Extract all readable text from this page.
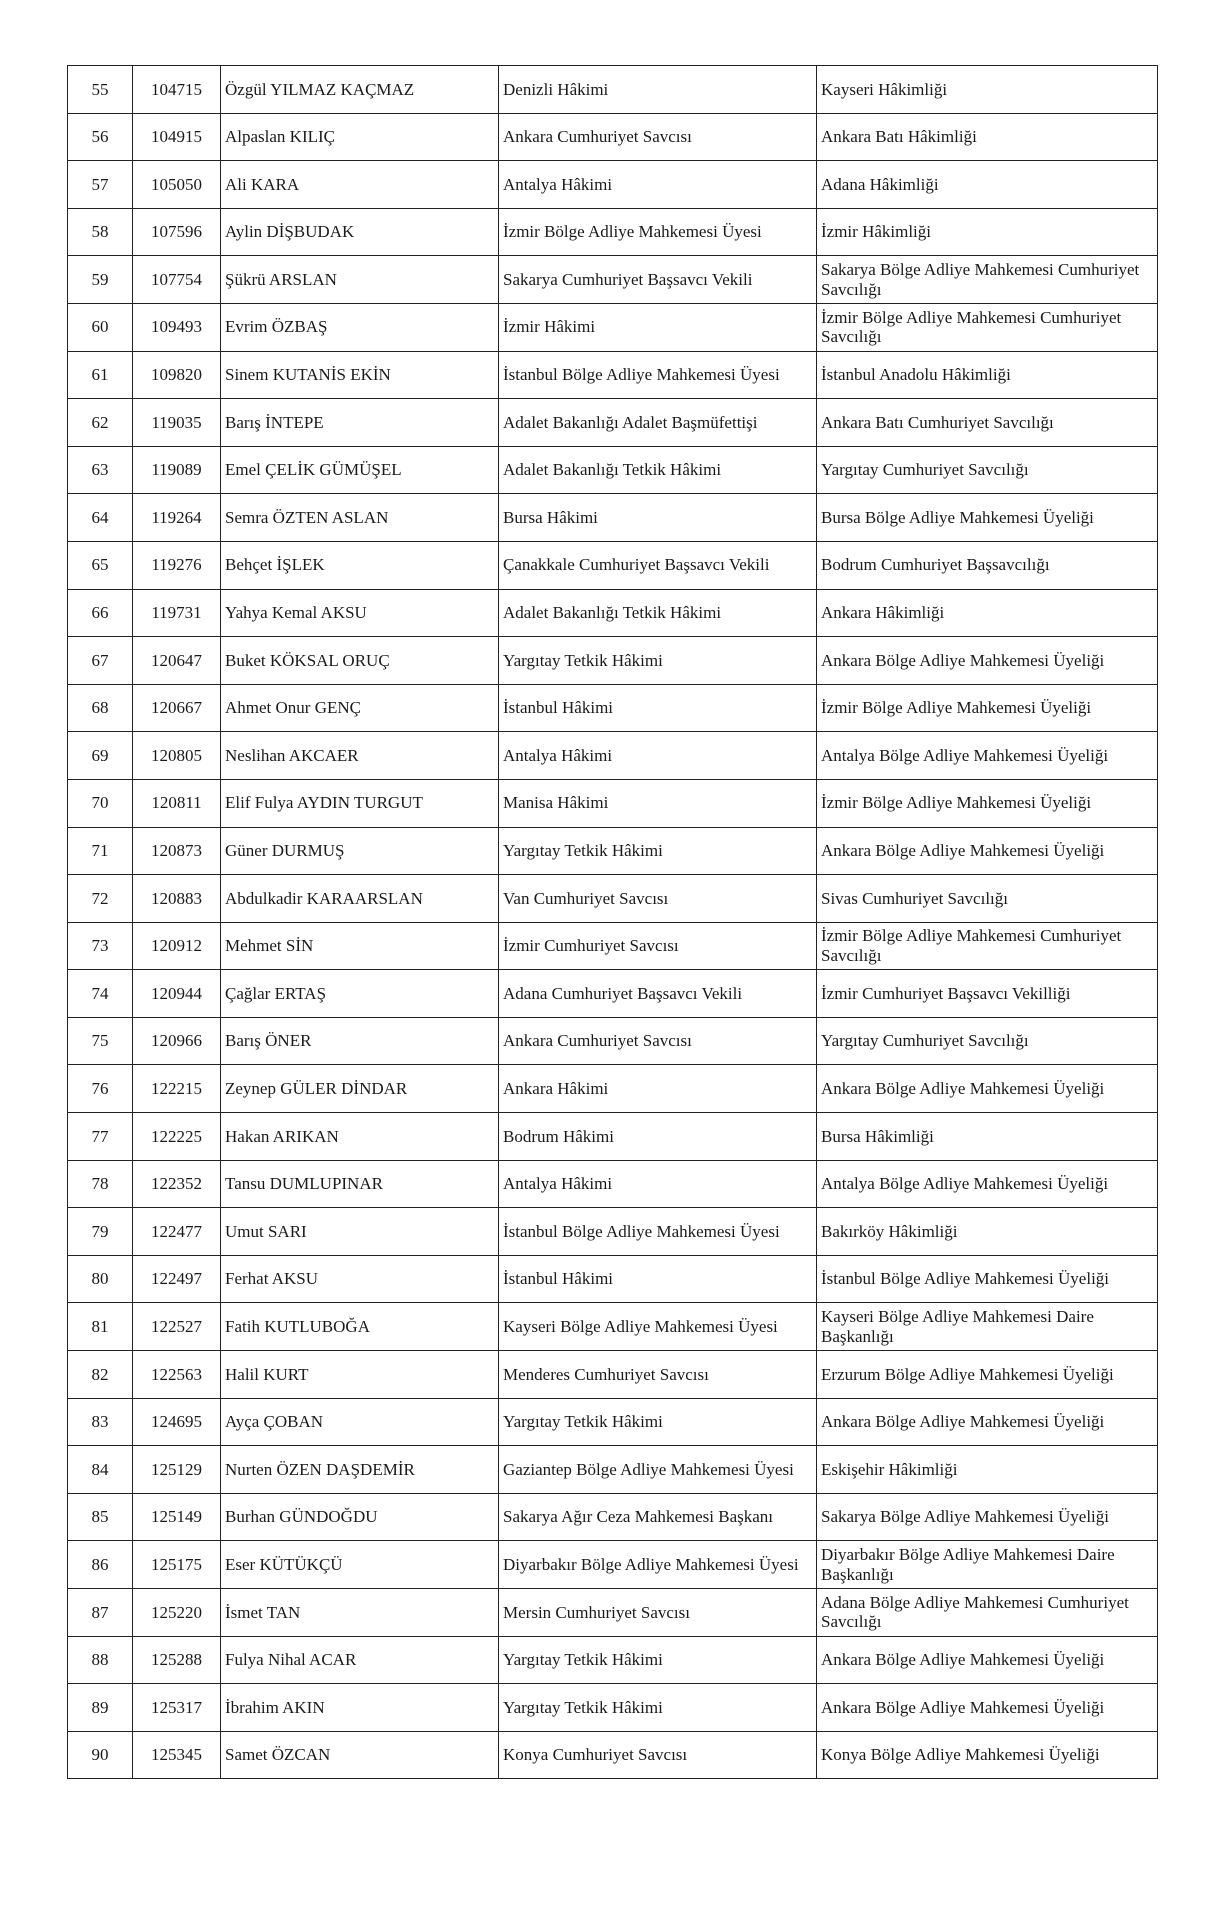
55	104715	Özgül YILMAZ KAÇMAZ	Denizli Hâkimi	Kayseri Hâkimliği
56	104915	Alpaslan KILIÇ	Ankara Cumhuriyet Savcısı	Ankara Batı Hâkimliği
57	105050	Ali KARA	Antalya Hâkimi	Adana Hâkimliği
58	107596	Aylin DİŞBUDAK	İzmir Bölge Adliye Mahkemesi Üyesi	İzmir Hâkimliği
59	107754	Şükrü ARSLAN	Sakarya Cumhuriyet Başsavcı Vekili	Sakarya Bölge Adliye Mahkemesi Cumhuriyet Savcılığı
60	109493	Evrim ÖZBAŞ	İzmir Hâkimi	İzmir Bölge Adliye Mahkemesi Cumhuriyet Savcılığı
61	109820	Sinem KUTANİS EKİN	İstanbul Bölge Adliye Mahkemesi Üyesi	İstanbul Anadolu Hâkimliği
62	119035	Barış İNTEPE	Adalet Bakanlığı Adalet Başmüfettişi	Ankara Batı Cumhuriyet Savcılığı
63	119089	Emel ÇELİK GÜMÜŞEL	Adalet Bakanlığı Tetkik Hâkimi	Yargıtay Cumhuriyet Savcılığı
64	119264	Semra ÖZTEN ASLAN	Bursa Hâkimi	Bursa Bölge Adliye Mahkemesi Üyeliği
65	119276	Behçet İŞLEK	Çanakkale Cumhuriyet Başsavcı Vekili	Bodrum Cumhuriyet Başsavcılığı
66	119731	Yahya Kemal AKSU	Adalet Bakanlığı Tetkik Hâkimi	Ankara Hâkimliği
67	120647	Buket KÖKSAL ORUÇ	Yargıtay Tetkik Hâkimi	Ankara Bölge Adliye Mahkemesi Üyeliği
68	120667	Ahmet Onur GENÇ	İstanbul Hâkimi	İzmir Bölge Adliye Mahkemesi Üyeliği
69	120805	Neslihan AKCAER	Antalya Hâkimi	Antalya Bölge Adliye Mahkemesi Üyeliği
70	120811	Elif Fulya AYDIN TURGUT	Manisa Hâkimi	İzmir Bölge Adliye Mahkemesi Üyeliği
71	120873	Güner DURMUŞ	Yargıtay Tetkik Hâkimi	Ankara Bölge Adliye Mahkemesi Üyeliği
72	120883	Abdulkadir KARAARSLAN	Van Cumhuriyet Savcısı	Sivas Cumhuriyet Savcılığı
73	120912	Mehmet SİN	İzmir Cumhuriyet Savcısı	İzmir Bölge Adliye Mahkemesi Cumhuriyet Savcılığı
74	120944	Çağlar ERTAŞ	Adana Cumhuriyet Başsavcı Vekili	İzmir Cumhuriyet Başsavcı Vekilliği
75	120966	Barış ÖNER	Ankara Cumhuriyet Savcısı	Yargıtay Cumhuriyet Savcılığı
76	122215	Zeynep GÜLER DİNDAR	Ankara Hâkimi	Ankara Bölge Adliye Mahkemesi Üyeliği
77	122225	Hakan ARIKAN	Bodrum Hâkimi	Bursa Hâkimliği
78	122352	Tansu DUMLUPINAR	Antalya Hâkimi	Antalya Bölge Adliye Mahkemesi Üyeliği
79	122477	Umut SARI	İstanbul Bölge Adliye Mahkemesi Üyesi	Bakırköy Hâkimliği
80	122497	Ferhat AKSU	İstanbul Hâkimi	İstanbul Bölge Adliye Mahkemesi Üyeliği
81	122527	Fatih KUTLUBOĞA	Kayseri Bölge Adliye Mahkemesi Üyesi	Kayseri Bölge Adliye Mahkemesi Daire Başkanlığı
82	122563	Halil KURT	Menderes Cumhuriyet Savcısı	Erzurum Bölge Adliye Mahkemesi Üyeliği
83	124695	Ayça ÇOBAN	Yargıtay Tetkik Hâkimi	Ankara Bölge Adliye Mahkemesi Üyeliği
84	125129	Nurten ÖZEN DAŞDEMİR	Gaziantep Bölge Adliye Mahkemesi Üyesi	Eskişehir Hâkimliği
85	125149	Burhan GÜNDOĞDU	Sakarya Ağır Ceza Mahkemesi Başkanı	Sakarya Bölge Adliye Mahkemesi Üyeliği
86	125175	Eser KÜTÜKÇÜ	Diyarbakır Bölge Adliye Mahkemesi Üyesi	Diyarbakır Bölge Adliye Mahkemesi Daire Başkanlığı
87	125220	İsmet TAN	Mersin Cumhuriyet Savcısı	Adana Bölge Adliye Mahkemesi Cumhuriyet Savcılığı
88	125288	Fulya Nihal ACAR	Yargıtay Tetkik Hâkimi	Ankara Bölge Adliye Mahkemesi Üyeliği
89	125317	İbrahim AKIN	Yargıtay Tetkik Hâkimi	Ankara Bölge Adliye Mahkemesi Üyeliği
90	125345	Samet ÖZCAN	Konya Cumhuriyet Savcısı	Konya Bölge Adliye Mahkemesi Üyeliği
